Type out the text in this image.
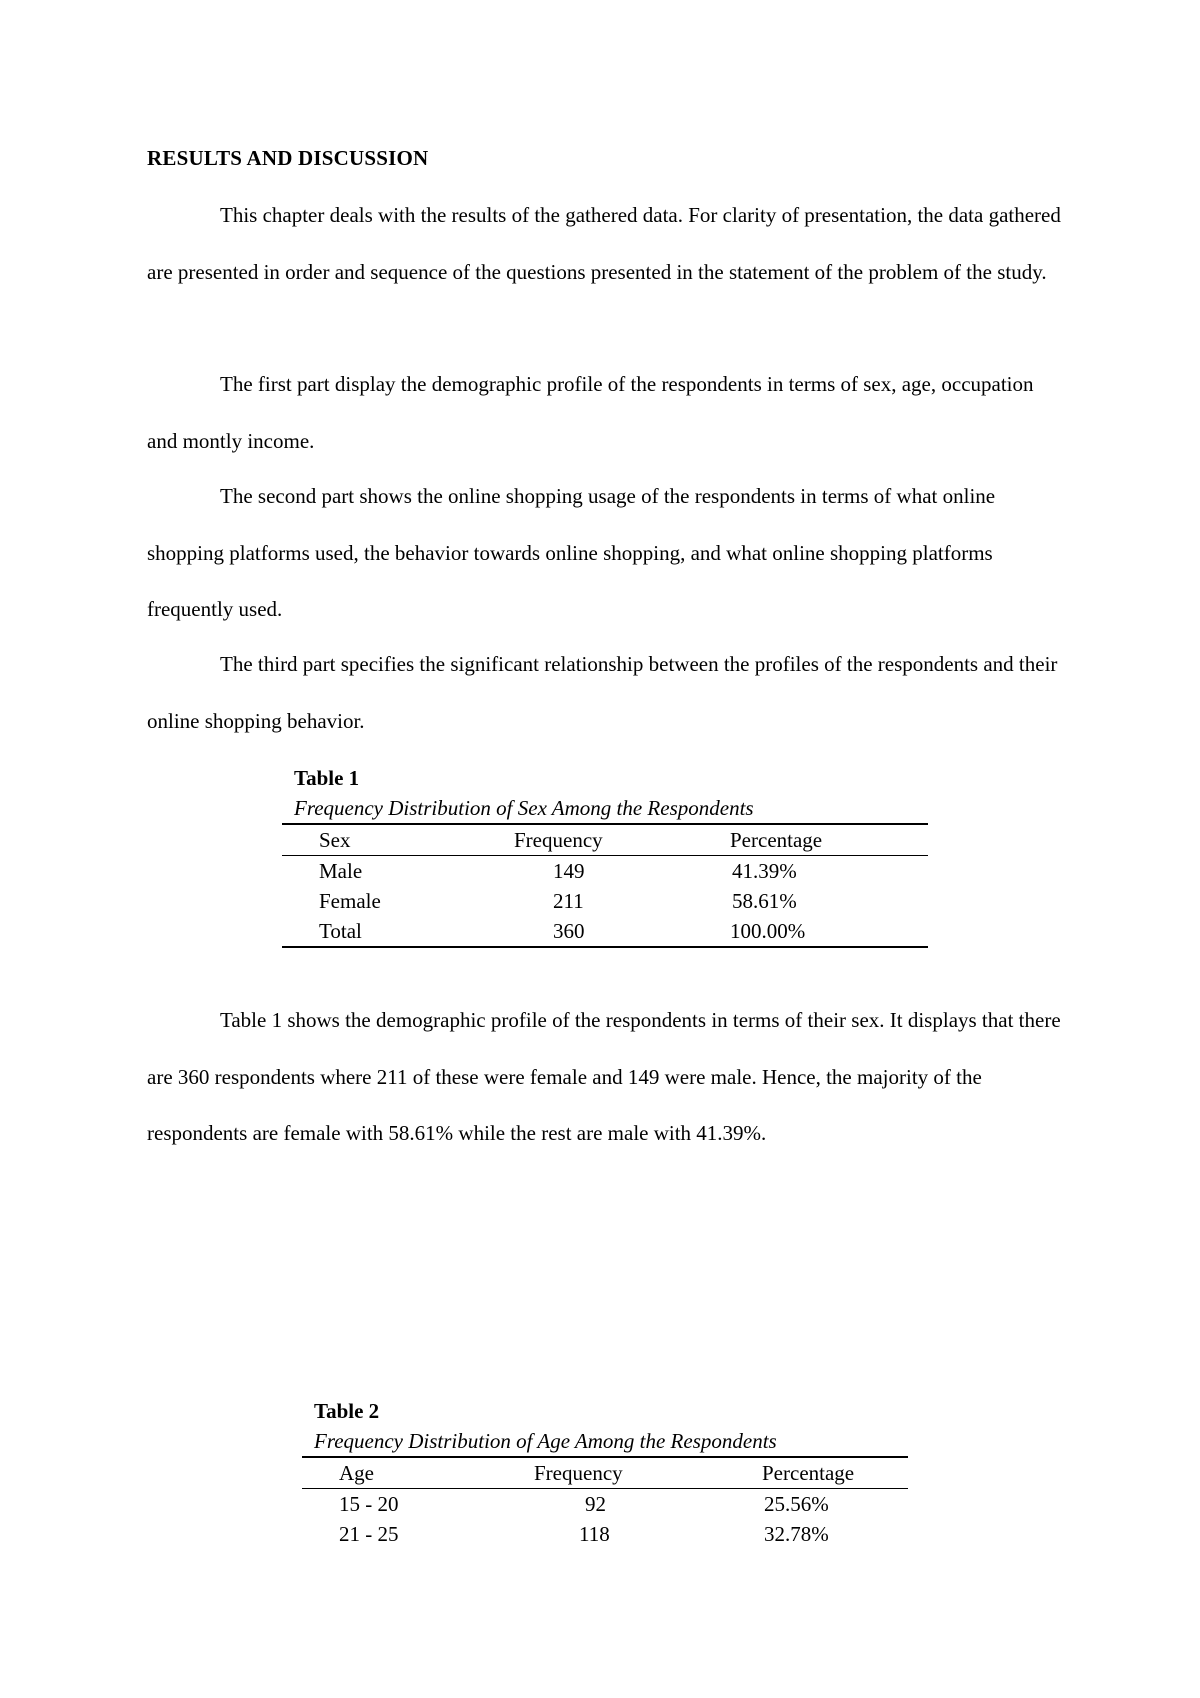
RESULTS AND DISCUSSION

This chapter deals with the results of the gathered data. For clarity of presentation, the data gathered are presented in order and sequence of the questions presented in the statement of the problem of the study.

The first part display the demographic profile of the respondents in terms of sex, age, occupation and montly income.

The second part shows the online shopping usage of the respondents in terms of what online shopping platforms used, the behavior towards online shopping, and what online shopping platforms frequently used.

The third part specifies the significant relationship between the profiles of the respondents and their online shopping behavior.

Table 1
Frequency Distribution of Sex Among the Respondents
Sex	Frequency	Percentage
Male	149	41.39%
Female	211	58.61%
Total	360	100.00%

Table 1 shows the demographic profile of the respondents in terms of their sex. It displays that there are 360 respondents where 211 of these were female and 149 were male. Hence, the majority of the respondents are female with 58.61% while the rest are male with 41.39%.

Table 2
Frequency Distribution of Age Among the Respondents
Age	Frequency	Percentage
15 - 20	92	25.56%
21 - 25	118	32.78%
